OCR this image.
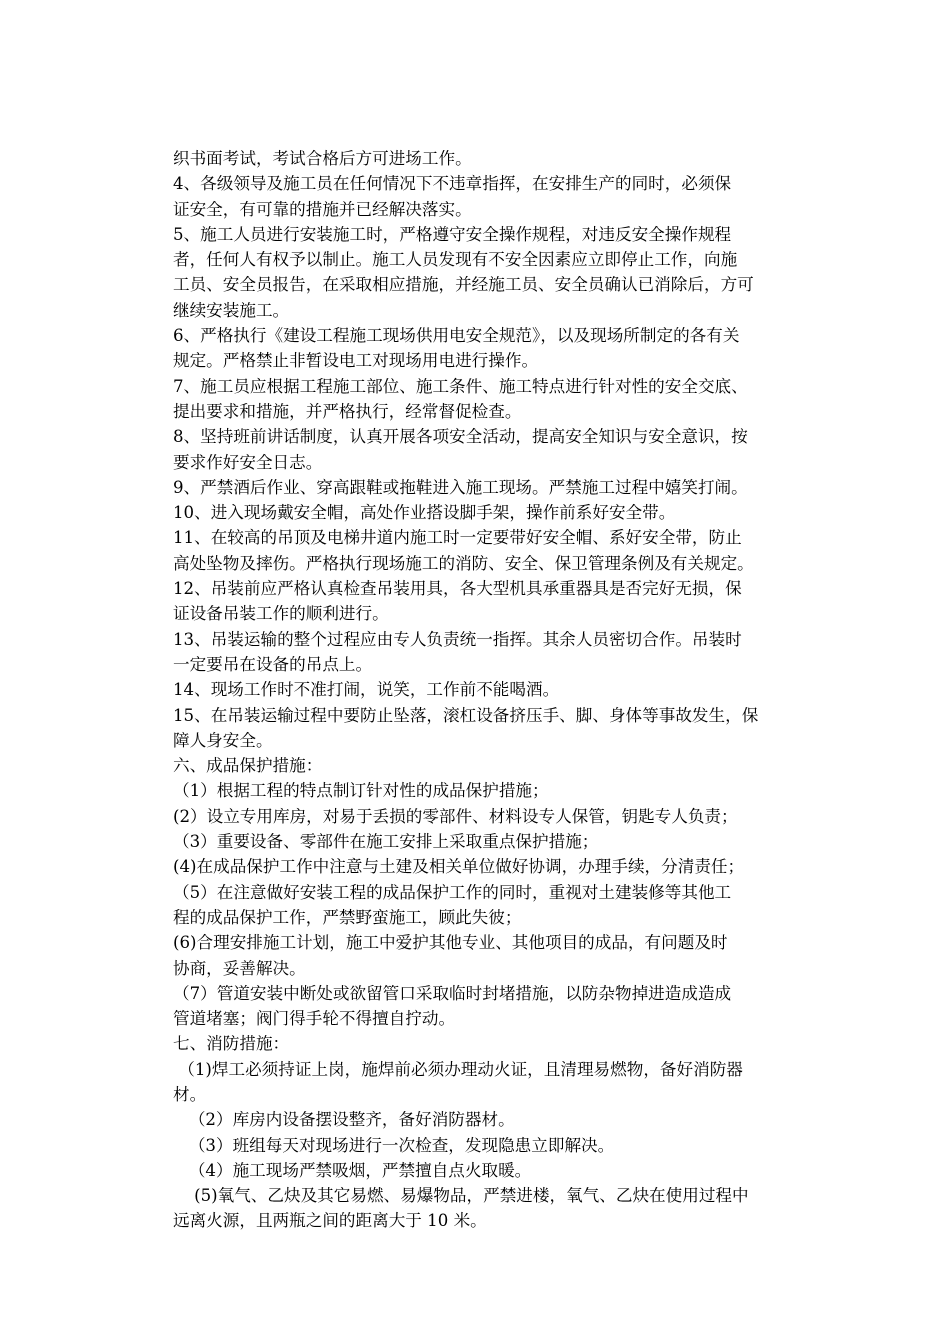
织书面考试，考试合格后方可进场工作。
4、各级领导及施工员在任何情况下不违章指挥，在安排生产的同时，必须保
证安全，有可靠的措施并已经解决落实。
5、施工人员进行安装施工时，严格遵守安全操作规程，对违反安全操作规程
者，任何人有权予以制止。施工人员发现有不安全因素应立即停止工作，向施
工员、安全员报告，在采取相应措施，并经施工员、安全员确认已消除后，方可
继续安装施工。
6、严格执行《建设工程施工现场供用电安全规范》，以及现场所制定的各有关
规定。严格禁止非暂设电工对现场用电进行操作。
7、施工员应根据工程施工部位、施工条件、施工特点进行针对性的安全交底、
提出要求和措施，并严格执行，经常督促检查。
8、坚持班前讲话制度，认真开展各项安全活动，提高安全知识与安全意识，按
要求作好安全日志。
9、严禁酒后作业、穿高跟鞋或拖鞋进入施工现场。严禁施工过程中嬉笑打闹。
10、进入现场戴安全帽，高处作业搭设脚手架，操作前系好安全带。
11、在较高的吊顶及电梯井道内施工时一定要带好安全帽、系好安全带，防止
高处坠物及摔伤。严格执行现场施工的消防、安全、保卫管理条例及有关规定。
12、吊装前应严格认真检查吊装用具，各大型机具承重器具是否完好无损，保
证设备吊装工作的顺利进行。
13、吊装运输的整个过程应由专人负责统一指挥。其余人员密切合作。吊装时
一定要吊在设备的吊点上。
14、现场工作时不准打闹，说笑，工作前不能喝酒。
15、在吊装运输过程中要防止坠落，滚杠设备挤压手、脚、身体等事故发生，保
障人身安全。
六、成品保护措施：
（1）根据工程的特点制订针对性的成品保护措施；
(2）设立专用库房，对易于丢损的零部件、材料设专人保管，钥匙专人负责；
（3）重要设备、零部件在施工安排上采取重点保护措施；
(4)在成品保护工作中注意与土建及相关单位做好协调，办理手续，分清责任；
（5）在注意做好安装工程的成品保护工作的同时，重视对土建装修等其他工
程的成品保护工作，严禁野蛮施工，顾此失彼；
(6)合理安排施工计划，施工中爱护其他专业、其他项目的成品，有问题及时
协商，妥善解决。
（7）管道安装中断处或欲留管口采取临时封堵措施，以防杂物掉进造成造成
管道堵塞；阀门得手轮不得擅自拧动。
七、消防措施：
（1)焊工必须持证上岗，施焊前必须办理动火证，且清理易燃物，备好消防器
材。
（2）库房内设备摆设整齐，备好消防器材。
（3）班组每天对现场进行一次检查，发现隐患立即解决。
（4）施工现场严禁吸烟，严禁擅自点火取暖。
(5)氧气、乙炔及其它易燃、易爆物品，严禁进楼，氧气、乙炔在使用过程中
远离火源，且两瓶之间的距离大于 10 米。
